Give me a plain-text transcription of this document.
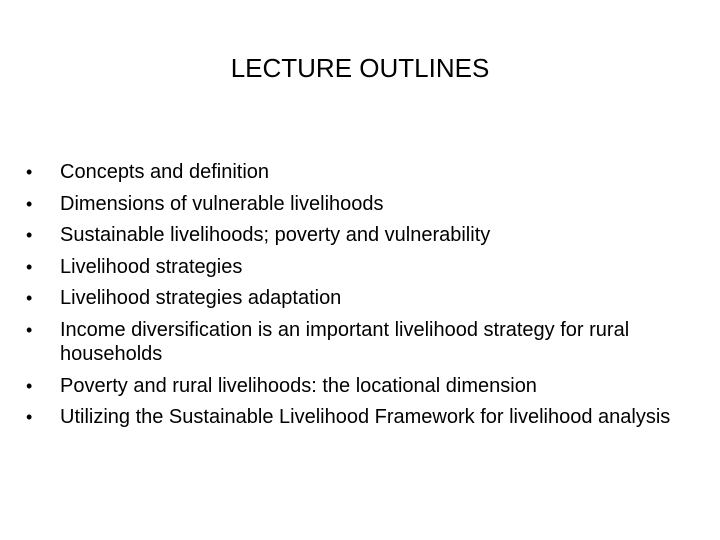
LECTURE OUTLINES
•	Concepts and definition
•	Dimensions of vulnerable livelihoods
•	Sustainable livelihoods; poverty and vulnerability
•	Livelihood strategies
•	Livelihood strategies adaptation
•	Income diversification is an important livelihood strategy for rural households
•	Poverty and rural livelihoods: the locational dimension
•	Utilizing the Sustainable Livelihood Framework for livelihood analysis
